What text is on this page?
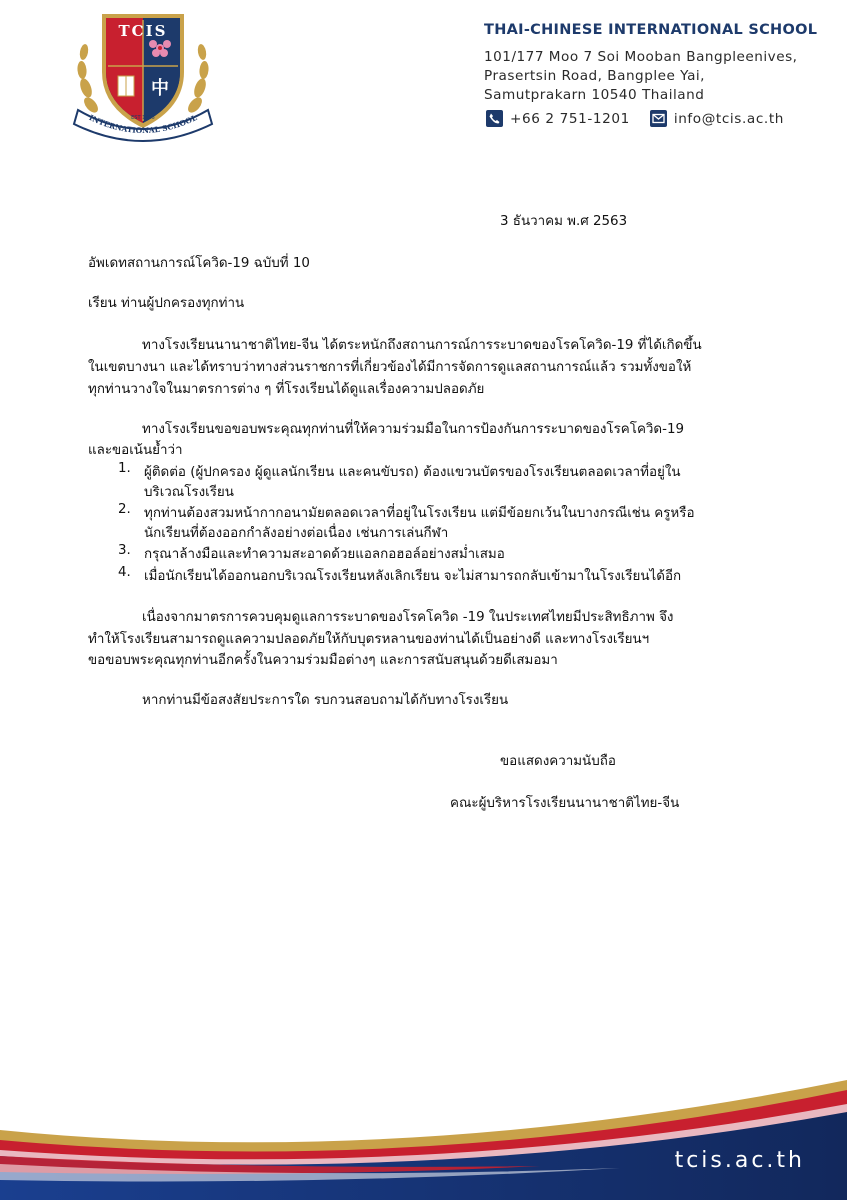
TCIS
中
EST 1995
INTERNATIONAL SCHOOL
THAI-CHINESE INTERNATIONAL SCHOOL
101/177 Moo 7 Soi Mooban Bangpleenives,
Prasertsin Road, Bangplee Yai,
Samutprakarn 10540 Thailand
+66 2 751-1201	info@tcis.ac.th
3 ธันวาคม พ.ศ 2563
อัพเดทสถานการณ์โควิด-19 ฉบับที่ 10
เรียน ท่านผู้ปกครองทุกท่าน
ทางโรงเรียนนานาชาติไทย-จีน ได้ตระหนักถึงสถานการณ์การระบาดของโรคโควิด-19 ที่ได้เกิดขึ้น
ในเขตบางนา และได้ทราบว่าทางส่วนราชการที่เกี่ยวข้องได้มีการจัดการดูแลสถานการณ์แล้ว รวมทั้งขอให้
ทุกท่านวางใจในมาตรการต่าง ๆ ที่โรงเรียนได้ดูแลเรื่องความปลอดภัย
ทางโรงเรียนขอขอบพระคุณทุกท่านที่ให้ความร่วมมือในการป้องกันการระบาดของโรคโควิด-19
และขอเน้นย้ำว่า
1. ผู้ติดต่อ (ผู้ปกครอง ผู้ดูแลนักเรียน และคนขับรถ) ต้องแขวนบัตรของโรงเรียนตลอดเวลาที่อยู่ใน
บริเวณโรงเรียน
2. ทุกท่านต้องสวมหน้ากากอนามัยตลอดเวลาที่อยู่ในโรงเรียน แต่มีข้อยกเว้นในบางกรณีเช่น ครูหรือ
นักเรียนที่ต้องออกกำลังอย่างต่อเนื่อง เช่นการเล่นกีฬา
3. กรุณาล้างมือและทำความสะอาดด้วยแอลกอฮอล์อย่างสม่ำเสมอ
4. เมื่อนักเรียนได้ออกนอกบริเวณโรงเรียนหลังเลิกเรียน จะไม่สามารถกลับเข้ามาในโรงเรียนได้อีก
เนื่องจากมาตรการควบคุมดูแลการระบาดของโรคโควิด -19 ในประเทศไทยมีประสิทธิภาพ จึง
ทำให้โรงเรียนสามารถดูแลความปลอดภัยให้กับบุตรหลานของท่านได้เป็นอย่างดี และทางโรงเรียนฯ
ขอขอบพระคุณทุกท่านอีกครั้งในความร่วมมือต่างๆ และการสนับสนุนด้วยดีเสมอมา
หากท่านมีข้อสงสัยประการใด รบกวนสอบถามได้กับทางโรงเรียน
ขอแสดงความนับถือ
คณะผู้บริหารโรงเรียนนานาชาติไทย-จีน
tcis.ac.th
